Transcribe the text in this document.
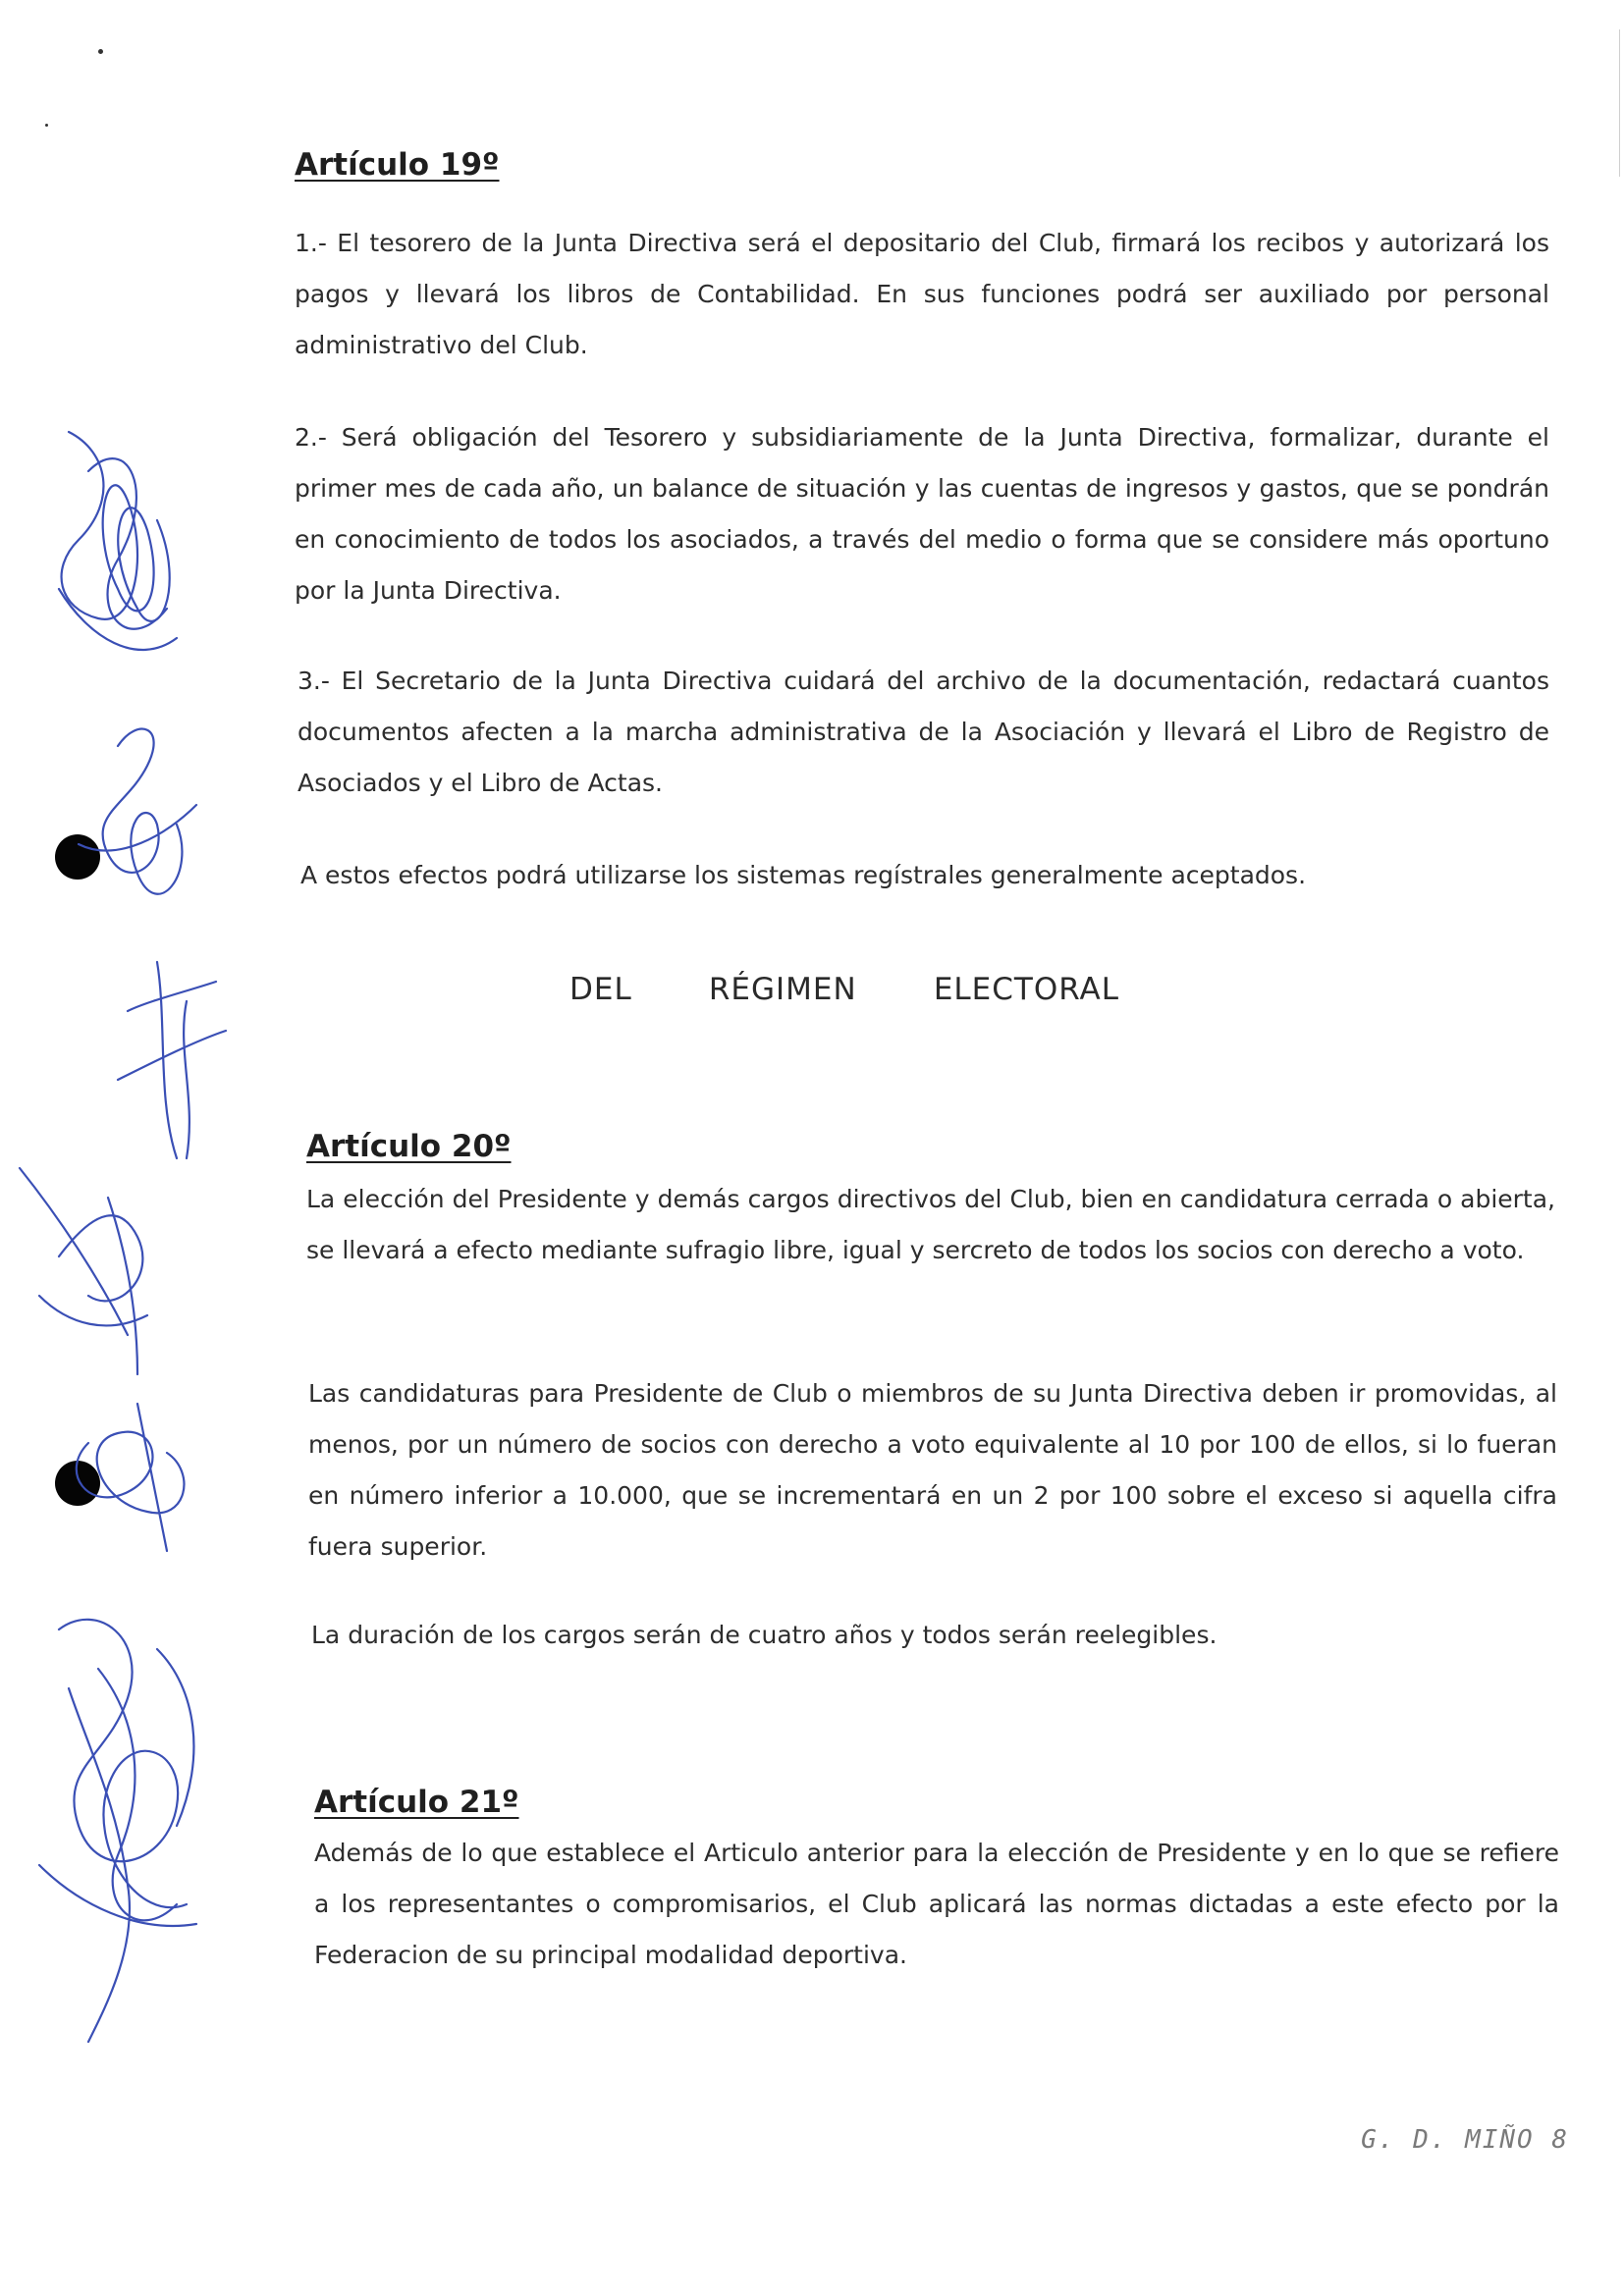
Artículo 19º

1.- El tesorero de la Junta Directiva será el depositario del Club, firmará los recibos y autorizará los pagos y llevará los libros de Contabilidad. En sus funciones podrá ser auxiliado por personal administrativo del Club.

2.- Será obligación del Tesorero y subsidiariamente de la Junta Directiva, formalizar, durante el primer mes de cada año, un balance de situación y las cuentas de ingresos y gastos, que se pondrán en conocimiento de todos los asociados, a través del medio o forma que se considere más oportuno por la Junta Directiva.

3.- El Secretario de la Junta Directiva cuidará del archivo de la documentación, redactará cuantos documentos afecten a la marcha administrativa de la Asociación y llevará el Libro de Registro de Asociados y el Libro de Actas.

A estos efectos podrá utilizarse los sistemas regístrales generalmente aceptados.

DEL	RÉGIMEN	ELECTORAL
Artículo 20º

La elección del Presidente y demás cargos directivos del Club, bien en candidatura cerrada o abierta, se llevará a efecto mediante sufragio libre, igual y sercreto de todos los socios con derecho a voto.

Las candidaturas para Presidente de Club o miembros de su Junta Directiva deben ir promovidas, al menos, por un número de socios con derecho a voto equivalente al 10 por 100 de ellos, si lo fueran en número inferior a 10.000, que se incrementará en un 2 por 100 sobre el exceso si aquella cifra fuera superior.

La duración de los cargos serán de cuatro años y todos serán reelegibles.

Artículo 21º

Además de lo que establece el Articulo anterior para la elección de Presidente y en lo que se refiere a los representantes o compromisarios, el Club aplicará las normas dictadas a este efecto por la Federacion de su principal modalidad deportiva.

G. D. MIÑO 8
